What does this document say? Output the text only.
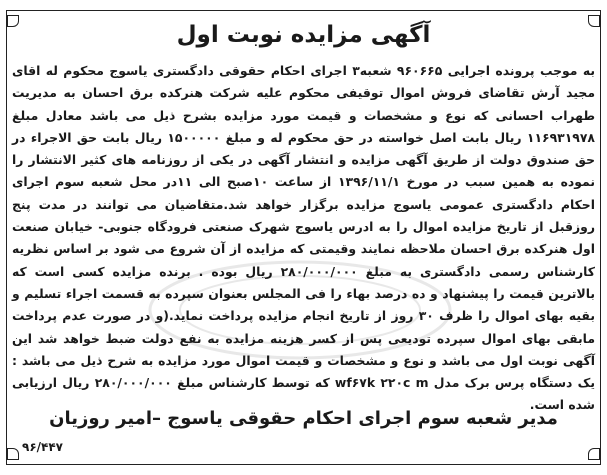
آگهی مزایده نوبت اول
به موجب پرونده اجرایی ۹۶۰۶۶۵ شعبه۳ اجرای احکام حقوقی دادگستری یاسوج محکوم له اقای مجید آرش تقاضای فروش اموال توقیفی محکوم علیه شرکت هنرکده برق احسان به مدیریت طهراب احسانی که نوع و مشخصات و قیمت مورد مزایده بشرح ذیل می باشد معادل مبلغ ۱۱۶۹۳۱۹۷۸ ریال بابت اصل خواسته در حق محکوم له و مبلغ ۱۵۰۰۰۰۰ ریال بابت حق الاجراء در حق صندوق دولت از طریق آگهی مزایده و انتشار آگهی در یکی از روزنامه های کثیر الانتشار را نموده به همین سبب در مورخ ۱۳۹۶/۱۱/۱ از ساعت ۱۰صبح الی ۱۱در محل شعبه سوم اجرای احکام دادگستری عمومی یاسوج مزایده برگزار خواهد شد.متقاضیان می توانند در مدت پنج روزقبل از تاریخ مزایده اموال را به ادرس یاسوج شهرک صنعتی فرودگاه جنوبی- خیابان صنعت اول هنرکده برق احسان ملاحظه نمایند وقیمتی که مزایده از آن شروع می شود بر اساس نظریه کارشناس رسمی دادگستری به مبلغ ۲۸۰/۰۰۰/۰۰۰ ریال بوده . برنده مزایده کسی است که بالاترین قیمت را پیشنهاد و ده درصد بهاء را فی المجلس بعنوان سپرده به قسمت اجراء تسلیم و بقیه بهای اموال را ظرف ۳۰ روز از تاریخ انجام مزایده پرداخت نماید.(و در صورت عدم پرداخت مابقی بهای اموال سپرده تودیعی پس از کسر هزینه مزایده به نفع دولت ضبط خواهد شد این آگهی نوبت اول می باشد و نوع و مشخصات و قیمت اموال مورد مزایده به شرح ذیل می باشد : یک دستگاه پرس برک مدل wf۶۷k ۲۲۰c m که توسط کارشناس مبلغ ۲۸۰/۰۰۰/۰۰۰ ریال ارزیابی شده است.
مدیر شعبه سوم اجرای احکام حقوقی یاسوج –امیر روزیان
۹۶/۴۴۷
